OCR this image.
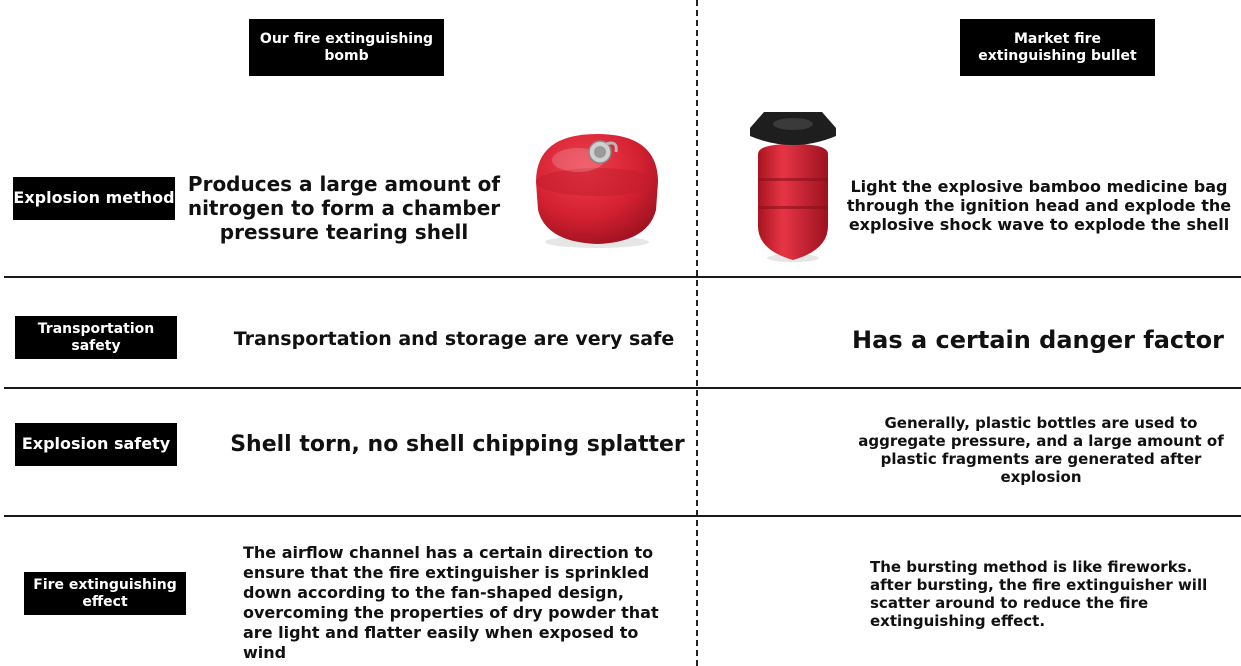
Our fire extinguishing bomb
Market fire extinguishing bullet
Explosion method
Transportation safety
Explosion safety
Fire extinguishing effect
Produces a large amount of nitrogen to form a chamber pressure tearing shell
Light the explosive bamboo medicine bag through the ignition head and explode the explosive shock wave to explode the shell
Transportation and storage are very safe	Has a certain danger factor
Shell torn, no shell chipping splatter
Generally, plastic bottles are used to aggregate pressure, and a large amount of plastic fragments are generated after explosion
The airflow channel has a certain direction to ensure that the fire extinguisher is sprinkled down according to the fan-shaped design, overcoming the properties of dry powder that are light and flatter easily when exposed to wind
The bursting method is like fireworks. after bursting, the fire extinguisher will scatter around to reduce the fire extinguishing effect.
